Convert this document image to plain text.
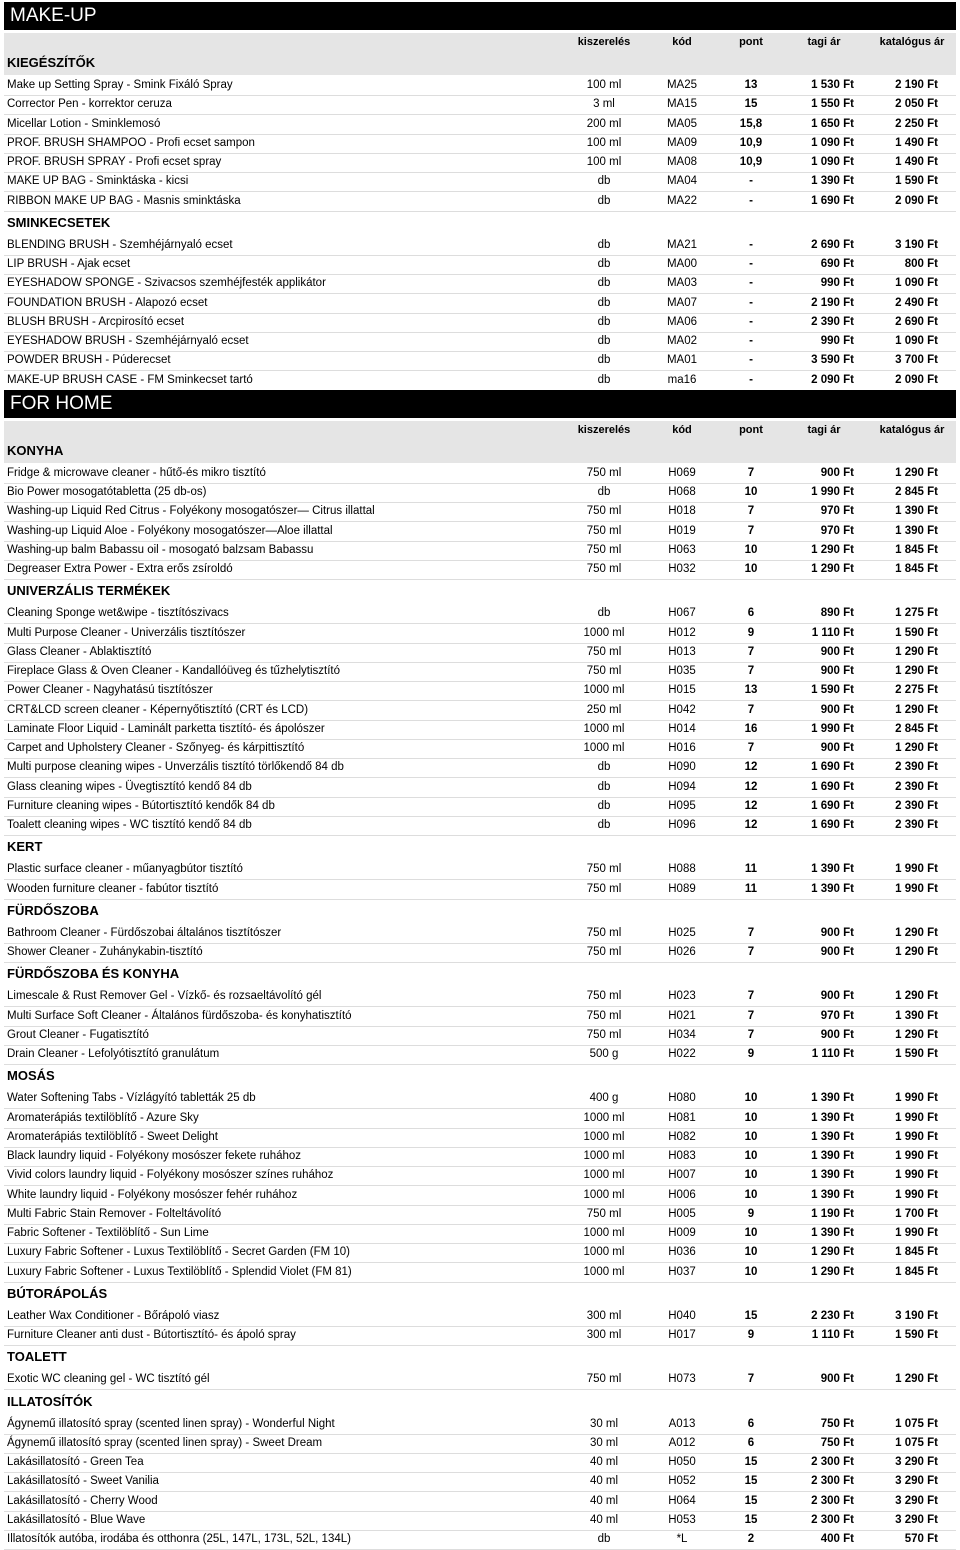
MAKE-UP
kiszerelés	kód	pont	tagi ár	katalógus ár
KIEGÉSZÍTŐK
Make up Setting Spray - Smink Fixáló Spray	100 ml	MA25	13	1 530 Ft	2 190 Ft
Corrector Pen - korrektor ceruza	3 ml	MA15	15	1 550 Ft	2 050 Ft
Micellar Lotion - Sminklemosó	200 ml	MA05	15,8	1 650 Ft	2 250 Ft
PROF. BRUSH SHAMPOO - Profi ecset sampon	100 ml	MA09	10,9	1 090 Ft	1 490 Ft
PROF. BRUSH SPRAY - Profi ecset spray	100 ml	MA08	10,9	1 090 Ft	1 490 Ft
MAKE UP BAG - Sminktáska - kicsi	db	MA04	-	1 390 Ft	1 590 Ft
RIBBON MAKE UP BAG - Masnis sminktáska	db	MA22	-	1 690 Ft	2 090 Ft
SMINKECSETEK
BLENDING BRUSH - Szemhéjárnyaló ecset	db	MA21	-	2 690 Ft	3 190 Ft
LIP BRUSH - Ajak ecset	db	MA00	-	690 Ft	800 Ft
EYESHADOW SPONGE - Szivacsos szemhéjfesték applikátor	db	MA03	-	990 Ft	1 090 Ft
FOUNDATION BRUSH - Alapozó ecset	db	MA07	-	2 190 Ft	2 490 Ft
BLUSH BRUSH - Arcpirosító ecset	db	MA06	-	2 390 Ft	2 690 Ft
EYESHADOW BRUSH - Szemhéjárnyaló ecset	db	MA02	-	990 Ft	1 090 Ft
POWDER BRUSH - Púderecset	db	MA01	-	3 590 Ft	3 700 Ft
MAKE-UP BRUSH CASE - FM Sminkecset tartó	db	ma16	-	2 090 Ft	2 090 Ft
FOR HOME
kiszerelés	kód	pont	tagi ár	katalógus ár
KONYHA
Fridge & microwave cleaner - hűtő-és mikro tisztító	750 ml	H069	7	900 Ft	1 290 Ft
Bio Power mosogatótabletta (25 db-os)	db	H068	10	1 990 Ft	2 845 Ft
Washing-up Liquid Red Citrus - Folyékony mosogatószer— Citrus illattal	750 ml	H018	7	970 Ft	1 390 Ft
Washing-up Liquid Aloe - Folyékony mosogatószer—Aloe illattal	750 ml	H019	7	970 Ft	1 390 Ft
Washing-up balm Babassu oil - mosogató balzsam Babassu	750 ml	H063	10	1 290 Ft	1 845 Ft
Degreaser Extra Power - Extra erős zsíroldó	750 ml	H032	10	1 290 Ft	1 845 Ft
UNIVERZÁLIS TERMÉKEK
Cleaning Sponge wet&wipe - tisztítószivacs	db	H067	6	890 Ft	1 275 Ft
Multi Purpose Cleaner - Univerzális tisztítószer	1000 ml	H012	9	1 110 Ft	1 590 Ft
Glass Cleaner - Ablaktisztító	750 ml	H013	7	900 Ft	1 290 Ft
Fireplace Glass & Oven Cleaner - Kandallóüveg és tűzhelytisztító	750 ml	H035	7	900 Ft	1 290 Ft
Power Cleaner - Nagyhatású tisztítószer	1000 ml	H015	13	1 590 Ft	2 275 Ft
CRT&LCD screen cleaner - Képernyőtisztító (CRT és LCD)	250 ml	H042	7	900 Ft	1 290 Ft
Laminate Floor Liquid - Laminált parketta tisztító- és ápolószer	1000 ml	H014	16	1 990 Ft	2 845 Ft
Carpet and Upholstery Cleaner - Szőnyeg- és kárpittisztító	1000 ml	H016	7	900 Ft	1 290 Ft
Multi purpose cleaning wipes - Unverzális tisztító törlőkendő 84 db	db	H090	12	1 690 Ft	2 390 Ft
Glass cleaning wipes - Üvegtisztító kendő 84 db	db	H094	12	1 690 Ft	2 390 Ft
Furniture cleaning wipes - Bútortisztító kendők 84 db	db	H095	12	1 690 Ft	2 390 Ft
Toalett cleaning wipes - WC tisztító kendő 84 db	db	H096	12	1 690 Ft	2 390 Ft
KERT
Plastic surface cleaner - műanyagbútor tisztító	750 ml	H088	11	1 390 Ft	1 990 Ft
Wooden furniture cleaner - fabútor tisztító	750 ml	H089	11	1 390 Ft	1 990 Ft
FÜRDŐSZOBA
Bathroom Cleaner - Fürdőszobai általános tisztítószer	750 ml	H025	7	900 Ft	1 290 Ft
Shower Cleaner - Zuhánykabin-tisztító	750 ml	H026	7	900 Ft	1 290 Ft
FÜRDŐSZOBA ÉS KONYHA
Limescale & Rust Remover Gel - Vízkő- és rozsaeltávolító gél	750 ml	H023	7	900 Ft	1 290 Ft
Multi Surface Soft Cleaner - Általános fürdőszoba- és konyhatisztító	750 ml	H021	7	970 Ft	1 390 Ft
Grout Cleaner - Fugatisztító	750 ml	H034	7	900 Ft	1 290 Ft
Drain Cleaner - Lefolyótisztító granulátum	500 g	H022	9	1 110 Ft	1 590 Ft
MOSÁS
Water Softening Tabs - Vízlágyító tabletták 25 db	400 g	H080	10	1 390 Ft	1 990 Ft
Aromaterápiás textilöblítő - Azure Sky	1000 ml	H081	10	1 390 Ft	1 990 Ft
Aromaterápiás textilöblítő - Sweet Delight	1000 ml	H082	10	1 390 Ft	1 990 Ft
Black laundry liquid - Folyékony mosószer fekete ruhához	1000 ml	H083	10	1 390 Ft	1 990 Ft
Vivid colors laundry liquid - Folyékony mosószer színes ruhához	1000 ml	H007	10	1 390 Ft	1 990 Ft
White laundry liquid - Folyékony mosószer fehér ruhához	1000 ml	H006	10	1 390 Ft	1 990 Ft
Multi Fabric Stain Remover - Folteltávolító	750 ml	H005	9	1 190 Ft	1 700 Ft
Fabric Softener - Textilöblítő - Sun Lime	1000 ml	H009	10	1 390 Ft	1 990 Ft
Luxury Fabric Softener - Luxus Textilöblítő - Secret Garden (FM 10)	1000 ml	H036	10	1 290 Ft	1 845 Ft
Luxury Fabric Softener - Luxus Textilöblítő - Splendid Violet (FM 81)	1000 ml	H037	10	1 290 Ft	1 845 Ft
BÚTORÁPOLÁS
Leather Wax Conditioner - Bőrápoló viasz	300 ml	H040	15	2 230 Ft	3 190 Ft
Furniture Cleaner anti dust - Bútortisztító- és ápoló spray	300 ml	H017	9	1 110 Ft	1 590 Ft
TOALETT
Exotic WC cleaning gel - WC tisztító gél	750 ml	H073	7	900 Ft	1 290 Ft
ILLATOSÍTÓK
Ágynemű illatosító spray (scented linen spray) - Wonderful Night	30 ml	A013	6	750 Ft	1 075 Ft
Ágynemű illatosító spray (scented linen spray) - Sweet Dream	30 ml	A012	6	750 Ft	1 075 Ft
Lakásillatosító - Green Tea	40 ml	H050	15	2 300 Ft	3 290 Ft
Lakásillatosító - Sweet Vanilia	40 ml	H052	15	2 300 Ft	3 290 Ft
Lakásillatosító - Cherry Wood	40 ml	H064	15	2 300 Ft	3 290 Ft
Lakásillatosító - Blue Wave	40 ml	H053	15	2 300 Ft	3 290 Ft
Illatosítók autóba, irodába és otthonra (25L, 147L, 173L, 52L, 134L)	db	*L	2	400 Ft	570 Ft
